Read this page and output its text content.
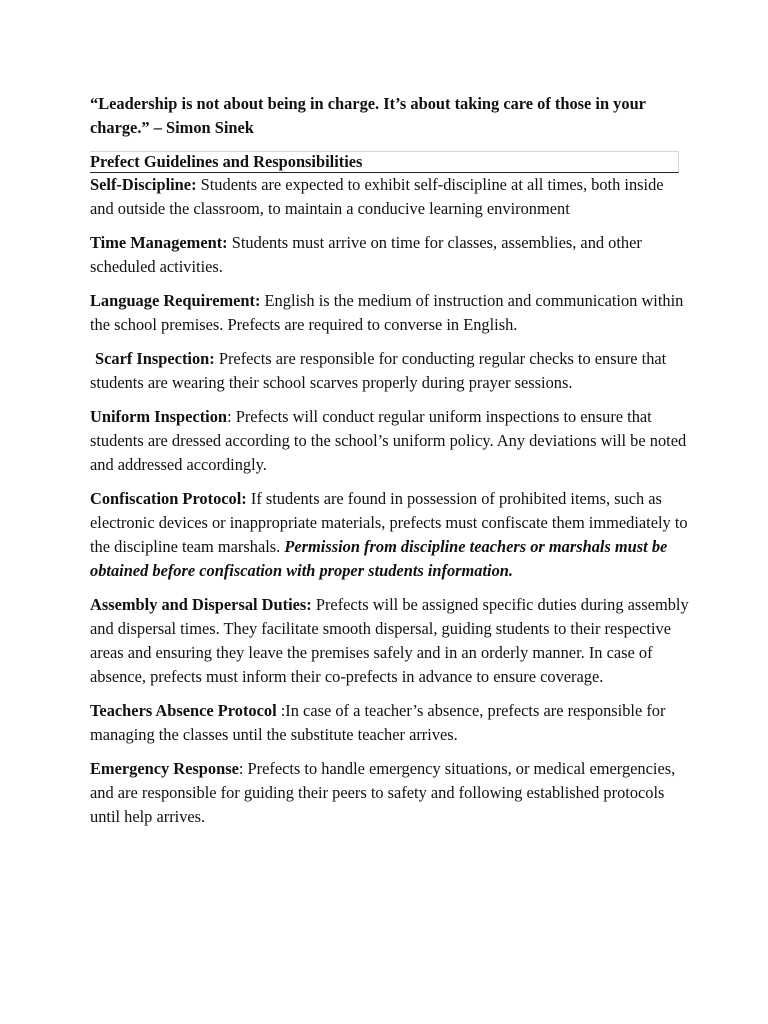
“Leadership is not about being in charge. It’s about taking care of those in your charge.” – Simon Sinek

Prefect Guidelines and Responsibilities

Self-Discipline: Students are expected to exhibit self-discipline at all times, both inside and outside the classroom, to maintain a conducive learning environment

Time Management: Students must arrive on time for classes, assemblies, and other scheduled activities.

Language Requirement: English is the medium of instruction and communication within the school premises. Prefects are required to converse in English.

Scarf Inspection: Prefects are responsible for conducting regular checks to ensure that students are wearing their school scarves properly during prayer sessions.

Uniform Inspection: Prefects will conduct regular uniform inspections to ensure that students are dressed according to the school’s uniform policy. Any deviations will be noted and addressed accordingly.

Confiscation Protocol: If students are found in possession of prohibited items, such as electronic devices or inappropriate materials, prefects must confiscate them immediately to the discipline team marshals. Permission from discipline teachers or marshals must be obtained before confiscation with proper students information.

Assembly and Dispersal Duties: Prefects will be assigned specific duties during assembly and dispersal times. They facilitate smooth dispersal, guiding students to their respective areas and ensuring they leave the premises safely and in an orderly manner. In case of absence, prefects must inform their co-prefects in advance to ensure coverage.

Teachers Absence Protocol :In case of a teacher’s absence, prefects are responsible for managing the classes until the substitute teacher arrives.

Emergency Response: Prefects to handle emergency situations, or medical emergencies, and are responsible for guiding their peers to safety and following established protocols until help arrives.
